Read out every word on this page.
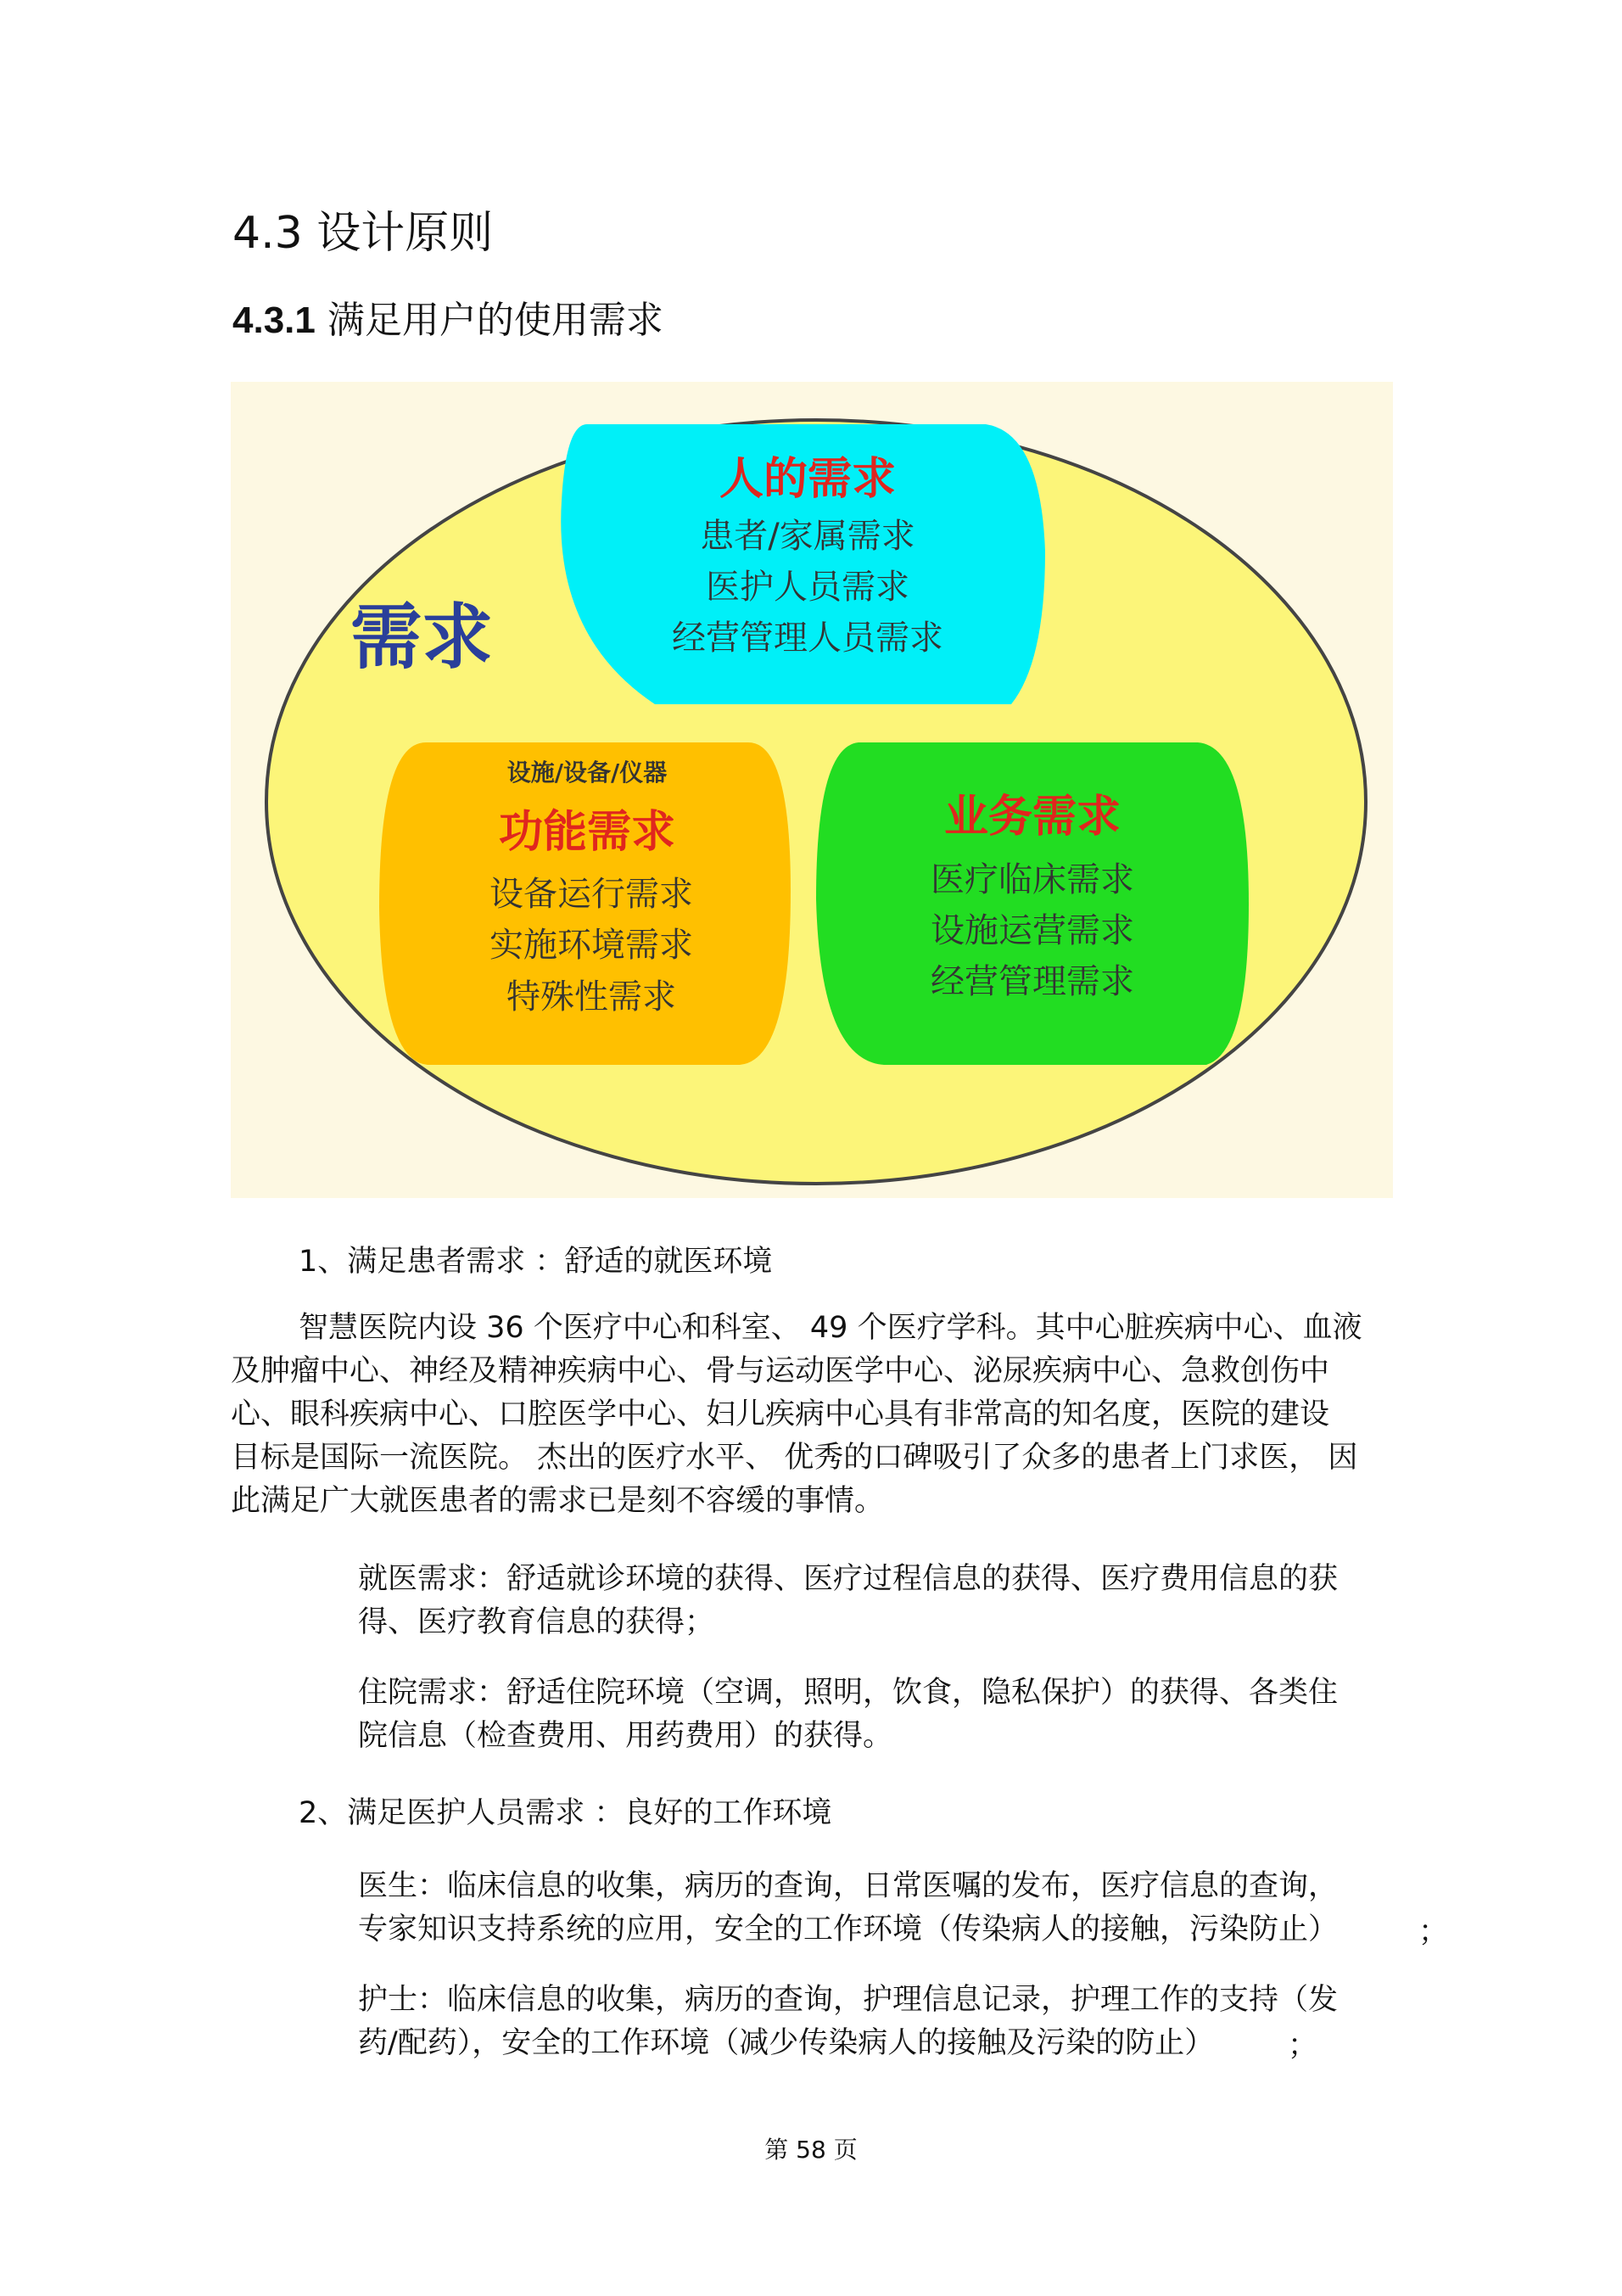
4.3 设计原则
4.3.1 满足用户的使用需求
人的需求
患者/家属需求
医护人员需求
经营管理人员需求
需求
设施/设备/仪器
功能需求
设备运行需求
实施环境需求
特殊性需求
业务需求
医疗临床需求
设施运营需求
经营管理需求
1、满足患者需求 ：舒适的就医环境
智慧医院内设 36 个医疗中心和科室、 49 个医疗学科。其中心脏疾病中心、血液
及肿瘤中心、神经及精神疾病中心、骨与运动医学中心、泌尿疾病中心、急救创伤中
心、眼科疾病中心、口腔医学中心、妇儿疾病中心具有非常高的知名度，医院的建设
目标是国际一流医院。 杰出的医疗水平、 优秀的口碑吸引了众多的患者上门求医， 因
此满足广大就医患者的需求已是刻不容缓的事情。
就医需求：舒适就诊环境的获得、医疗过程信息的获得、医疗费用信息的获
得、医疗教育信息的获得；
住院需求：舒适住院环境（空调，照明，饮食，隐私保护）的获得、各类住
院信息（检查费用、用药费用）的获得。
2、满足医护人员需求 ：良好的工作环境
医生：临床信息的收集，病历的查询，日常医嘱的发布，医疗信息的查询，
专家知识支持系统的应用，安全的工作环境（传染病人的接触，污染防止）	；
护士：临床信息的收集，病历的查询，护理信息记录，护理工作的支持（发
药/配药），安全的工作环境（减少传染病人的接触及污染的防止）	；
第 58 页
